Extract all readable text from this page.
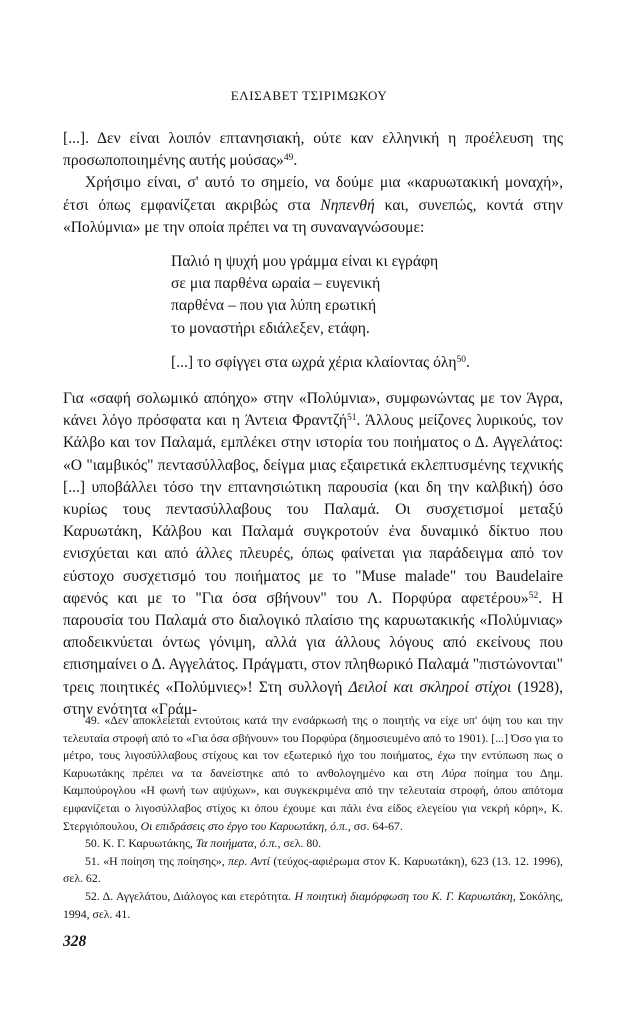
ΕΛΙΣΑΒΕΤ ΤΣΙΡΙΜΩΚΟΥ

[...]. Δεν είναι λοιπόν επτανησιακή, ούτε καν ελληνική η προέλευση της προσωποποιημένης αυτής μούσας»$^{49}$.

Χρήσιμο είναι, σ' αυτό το σημείο, να δούμε μια «καρυωτακική μοναχή», έτσι όπως εμφανίζεται ακριβώς στα Νηπενθή και, συνεπώς, κοντά στην «Πολύμνια» με την οποία πρέπει να τη συναναγνώσουμε:

Παλιό η ψυχή μου γράμμα είναι κι εγράφη
σε μια παρθένα ωραία – ευγενική
παρθένα – που για λύπη ερωτική
το μοναστήρι εδιάλεξεν, ετάφη.
[...] το σφίγγει στα ωχρά χέρια κλαίοντας όλη$^{50}$.

Για «σαφή σολωμικό απόηχο» στην «Πολύμνια», συμφωνώντας με τον Άγρα, κάνει λόγο πρόσφατα και η Άντεια Φραντζή$^{51}$. Άλλους μείζονες λυρικούς, τον Κάλβο και τον Παλαμά, εμπλέκει στην ιστορία του ποιήματος ο Δ. Αγγελάτος: «Ο "ιαμβικός" πεντασύλλαβος, δείγμα μιας εξαιρετικά εκλεπτυσμένης τεχνικής [...] υποβάλλει τόσο την επτανησιώτικη παρουσία (και δη την καλβική) όσο κυρίως τους πεντασύλλαβους του Παλαμά. Οι συσχετισμοί μεταξύ Καρυωτάκη, Κάλβου και Παλαμά συγκροτούν ένα δυναμικό δίκτυο που ενισχύεται και από άλλες πλευρές, όπως φαίνεται για παράδειγμα από τον εύστοχο συσχετισμό του ποιήματος με το "Muse malade" του Baudelaire αφενός και με το "Για όσα σβήνουν" του Λ. Πορφύρα αφετέρου»$^{52}$. Η παρουσία του Παλαμά στο διαλογικό πλαίσιο της καρυωτακικής «Πολύμνιας» αποδεικνύεται όντως γόνιμη, αλλά για άλλους λόγους από εκείνους που επισημαίνει ο Δ. Αγγελάτος. Πράγματι, στον πληθωρικό Παλαμά "πιστώνονται" τρεις ποιητικές «Πολύμνιες»! Στη συλλογή Δειλοί και σκληροί στίχοι (1928), στην ενότητα «Γράμ-

49. «Δεν αποκλείεται εντούτοις κατά την ενσάρκωσή της ο ποιητής να είχε υπ' όψη του και την τελευταία στροφή από το «Για όσα σβήνουν» του Πορφύρα (δημοσιευμένο από το 1901). [...] Όσο για το μέτρο, τους λιγοσύλλαβους στίχους και τον εξωτερικό ήχο του ποιήματος, έχω την εντύπωση πως ο Καρυωτάκης πρέπει να τα δανείστηκε από το ανθολογημένο και στη Λύρα ποίημα του Δημ. Καμπούρογλου «Η φωνή των αψύχων», και συγκεκριμένα από την τελευταία στροφή, όπου απότομα εμφανίζεται ο λιγοσύλλαβος στίχος κι όπου έχουμε και πάλι ένα είδος ελεγείου για νεκρή κόρη», Κ. Στεργιόπουλου, Οι επιδράσεις στο έργο του Καρυωτάκη, ό.π., σσ. 64-67.

50. Κ. Γ. Καρυωτάκης, Τα ποιήματα, ό.π., σελ. 80.

51. «Η ποίηση της ποίησης», περ. Αντί (τεύχος-αφιέρωμα στον Κ. Καρυωτάκη), 623 (13. 12. 1996), σελ. 62.

52. Δ. Αγγελάτου, Διάλογος και ετερότητα. Η ποιητική διαμόρφωση του Κ. Γ. Καρυωτάκη, Σοκόλης, 1994, σελ. 41.

328
